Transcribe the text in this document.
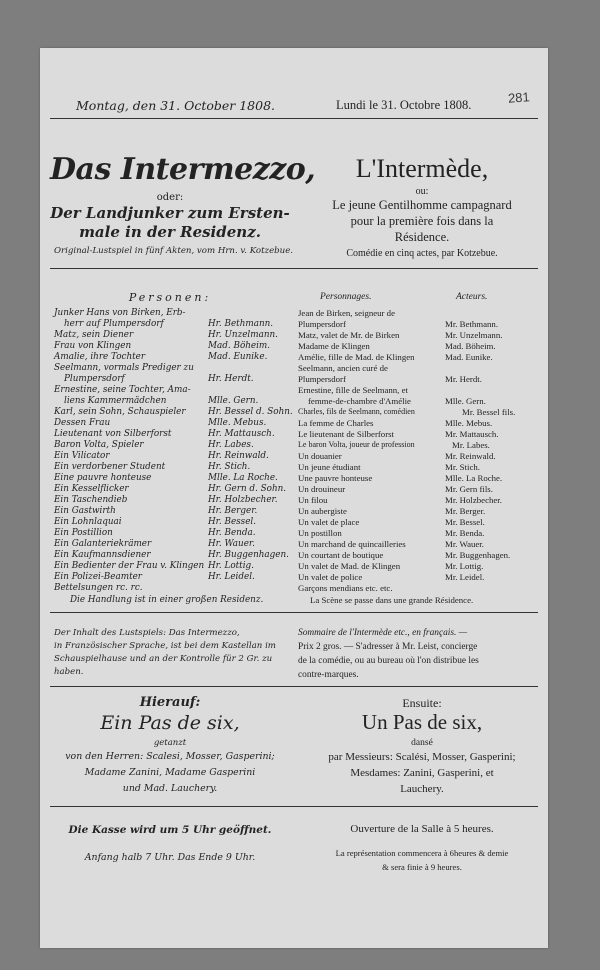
281
Montag, den 31. October 1808.	Lundi le 31. Octobre 1808.
Das Intermezzo,
oder:
Der Landjunker zum Ersten-
male in der Residenz.
Original-Lustspiel in fünf Akten, vom Hrn. v. Kotzebue.
L'Intermède,
ou:
Le jeune Gentilhomme campagnard
pour la première fois dans la
Résidence.
Comédie en cinq actes, par Kotzebue.
Personen:	Personnages.	Acteurs.
Junker Hans von Birken, Erb-
herr auf Plumpersdorf	Hr. Bethmann.
Matz, sein Diener	Hr. Unzelmann.
Frau von Klingen	Mad. Böheim.
Amalie, ihre Tochter	Mad. Eunike.
Seelmann, vormals Prediger zu
Plumpersdorf	Hr. Herdt.
Ernestine, seine Tochter, Ama-
liens Kammermädchen	Mlle. Gern.
Karl, sein Sohn, Schauspieler	Hr. Bessel d. Sohn.
Dessen Frau	Mlle. Mebus.
Lieutenant von Silberforst	Hr. Mattausch.
Baron Volta, Spieler	Hr. Labes.
Ein Vilicator	Hr. Reinwald.
Ein verdorbener Student	Hr. Stich.
Eine pauvre honteuse	Mlle. La Roche.
Ein Kesselflicker	Hr. Gern d. Sohn.
Ein Taschendieb	Hr. Holzbecher.
Ein Gastwirth	Hr. Berger.
Ein Lohnlaquai	Hr. Bessel.
Ein Postillion	Hr. Benda.
Ein Galanteriekrämer	Hr. Wauer.
Ein Kaufmannsdiener	Hr. Buggenhagen.
Ein Bedienter der Frau v. Klingen Hr. Lottig.
Ein Polizei-Beamter	Hr. Leidel.
Bettelsungen rc. rc.
Die Handlung ist in einer großen Residenz.
Jean de Birken, seigneur de
Plumpersdorf	Mr. Bethmann.
Matz, valet de Mr. de Birken	Mr. Unzelmann.
Madame de Klingen	Mad. Böheim.
Amélie, fille de Mad. de Klingen	Mad. Eunike.
Seelmann, ancien curé de
Plumpersdorf	Mr. Herdt.
Ernestine, fille de Seelmann, et
femme-de-chambre d'Amélie	Mlle. Gern.
Charles, fils de Seelmann, comédien	Mr. Bessel fils.
La femme de Charles	Mlle. Mebus.
Le lieutenant de Silberforst	Mr. Mattausch.
Le baron Volta, joueur de profession	Mr. Labes.
Un douanier	Mr. Reinwald.
Un jeune étudiant	Mr. Stich.
Une pauvre honteuse	Mlle. La Roche.
Un drouineur	Mr. Gern fils.
Un filou	Mr. Holzbecher.
Un aubergiste	Mr. Berger.
Un valet de place	Mr. Bessel.
Un postillon	Mr. Benda.
Un marchand de quincailleries	Mr. Wauer.
Un courtant de boutique	Mr. Buggenhagen.
Un valet de Mad. de Klingen	Mr. Lottig.
Un valet de police	Mr. Leidel.
Garçons mendians etc. etc.
La Scène se passe dans une grande Résidence.
Der Inhalt des Lustspiels: Das Intermezzo,
in Französischer Sprache, ist bei dem Kastellan im
Schauspielhause und an der Kontrolle für 2 Gr. zu
haben.
Sommaire de l'Intermède etc., en français. —
Prix 2 gros. — S'adresser à Mr. Leist, concierge
de la comédie, ou au bureau où l'on distribue les
contre-marques.
Hierauf:
Ein Pas de six,
getanzt
von den Herren: Scalesi, Mosser, Gasperini;
Madame Zanini, Madame Gasperini
und Mad. Lauchery.
Ensuite:
Un Pas de six,
dansé
par Messieurs: Scalési, Mosser, Gasperini;
Mesdames: Zanini, Gasperini, et
Lauchery.
Die Kasse wird um 5 Uhr geöffnet.
Anfang halb 7 Uhr. Das Ende 9 Uhr.
Ouverture de la Salle à 5 heures.
La représentation commencera à 6heures & demie
& sera finie à 9 heures.
